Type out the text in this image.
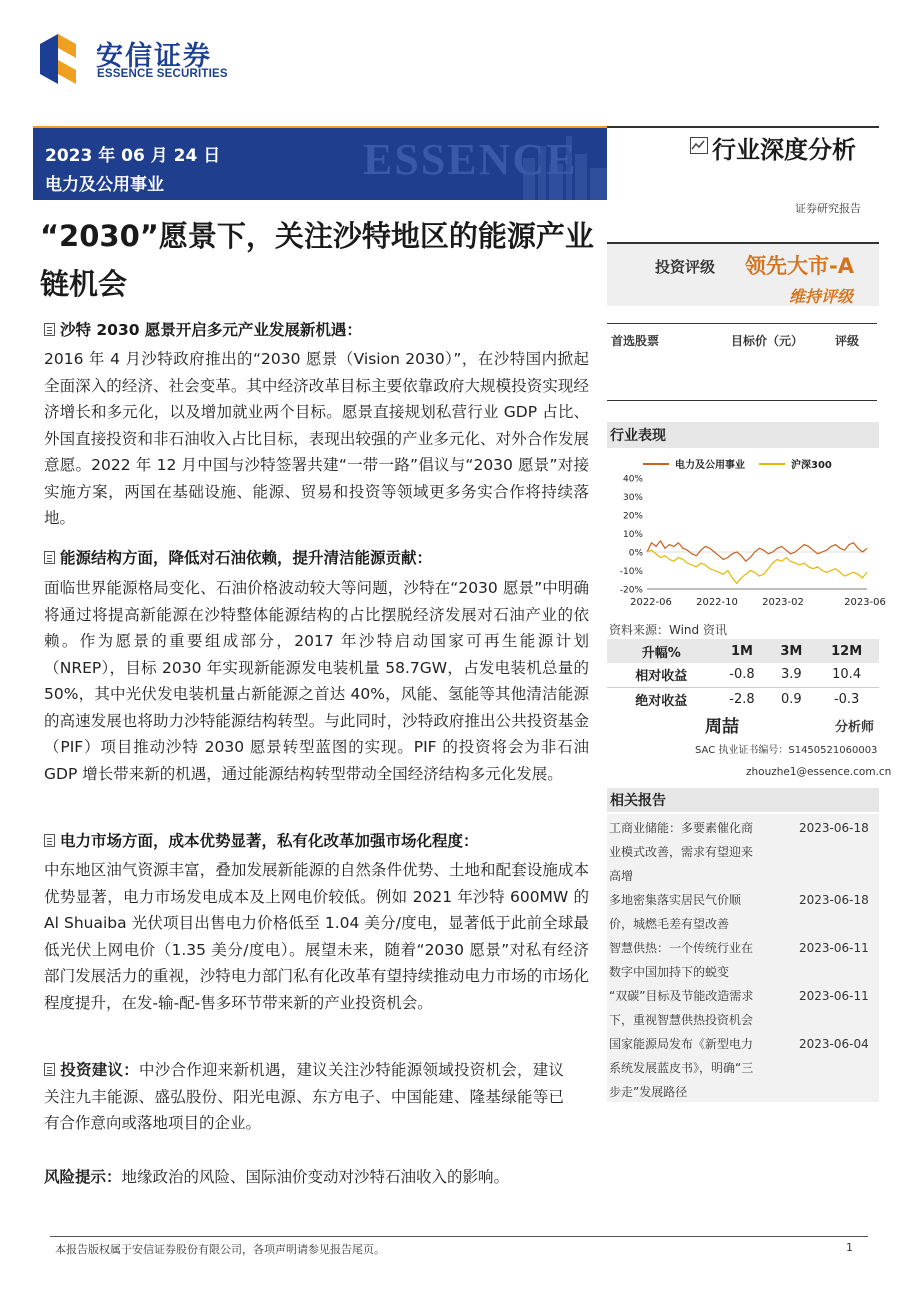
安信证券
ESSENCE SECURITIES
ESSENCE
2023 年 06 月 24 日
电力及公用事业
行业深度分析
证券研究报告
“2030”愿景下，关注沙特地区的能源产业链机会	投资评级 领先大市-A
维持评级
首选股票	目标价（元）	评级
行业表现
电力及公用事业	沪深300
40%
30%
20%
10%
0%
-10%
-20%
2022-06 2022-10 2023-02	2023-06
资料来源：Wind 资讯
升幅%	1M	3M	12M
相对收益	-0.8	3.9	10.4
绝对收益	-2.8	0.9	-0.3
周喆	分析师
SAC 执业证书编号：S1450521060003
zhouzhe1@essence.com.cn
相关报告
工商业储能：多要素催化商
业模式改善，需求有望迎来
高增
2023-06-18
多地密集落实居民气价顺
价，城燃毛差有望改善
2023-06-18
智慧供热：一个传统行业在
数字中国加持下的蜕变
2023-06-11
“双碳”目标及节能改造需求
下，重视智慧供热投资机会
2023-06-11
国家能源局发布《新型电力
系统发展蓝皮书》，明确“三
步走”发展路径
2023-06-04
沙特 2030 愿景开启多元产业发展新机遇：
2016 年 4 月沙特政府推出的“2030 愿景（Vision 2030）”，在沙特国内掀起全面深入的经济、社会变革。其中经济改革目标主要依靠政府大规模投资实现经济增长和多元化，以及增加就业两个目标。愿景直接规划私营行业 GDP 占比、外国直接投资和非石油收入占比目标，表现出较强的产业多元化、对外合作发展意愿。2022 年 12 月中国与沙特签署共建“一带一路”倡议与“2030 愿景”对接实施方案，两国在基础设施、能源、贸易和投资等领域更多务实合作将持续落地。
能源结构方面，降低对石油依赖，提升清洁能源贡献：
面临世界能源格局变化、石油价格波动较大等问题，沙特在“2030 愿景”中明确将通过将提高新能源在沙特整体能源结构的占比摆脱经济发展对石油产业的依赖。作为愿景的重要组成部分，2017 年沙特启动国家可再生能源计划（NREP），目标 2030 年实现新能源发电装机量 58.7GW，占发电装机总量的 50%，其中光伏发电装机量占新能源之首达 40%，风能、氢能等其他清洁能源的高速发展也将助力沙特能源结构转型。与此同时，沙特政府推出公共投资基金（PIF）项目推动沙特 2030 愿景转型蓝图的实现。PIF 的投资将会为非石油 GDP 增长带来新的机遇，通过能源结构转型带动全国经济结构多元化发展。
电力市场方面，成本优势显著，私有化改革加强市场化程度：
中东地区油气资源丰富，叠加发展新能源的自然条件优势、土地和配套设施成本优势显著，电力市场发电成本及上网电价较低。例如 2021 年沙特 600MW 的 Al Shuaiba 光伏项目出售电力价格低至 1.04 美分/度电，显著低于此前全球最低光伏上网电价（1.35 美分/度电）。展望未来，随着“2030 愿景”对私有经济部门发展活力的重视，沙特电力部门私有化改革有望持续推动电力市场的市场化程度提升，在发-输-配-售多环节带来新的产业投资机会。
投资建议：中沙合作迎来新机遇，建议关注沙特能源领域投资机会，建议关注九丰能源、盛弘股份、阳光电源、东方电子、中国能建、隆基绿能等已有合作意向或落地项目的企业。
风险提示：地缘政治的风险、国际油价变动对沙特石油收入的影响。
本报告版权属于安信证券股份有限公司，各项声明请参见报告尾页。	1
